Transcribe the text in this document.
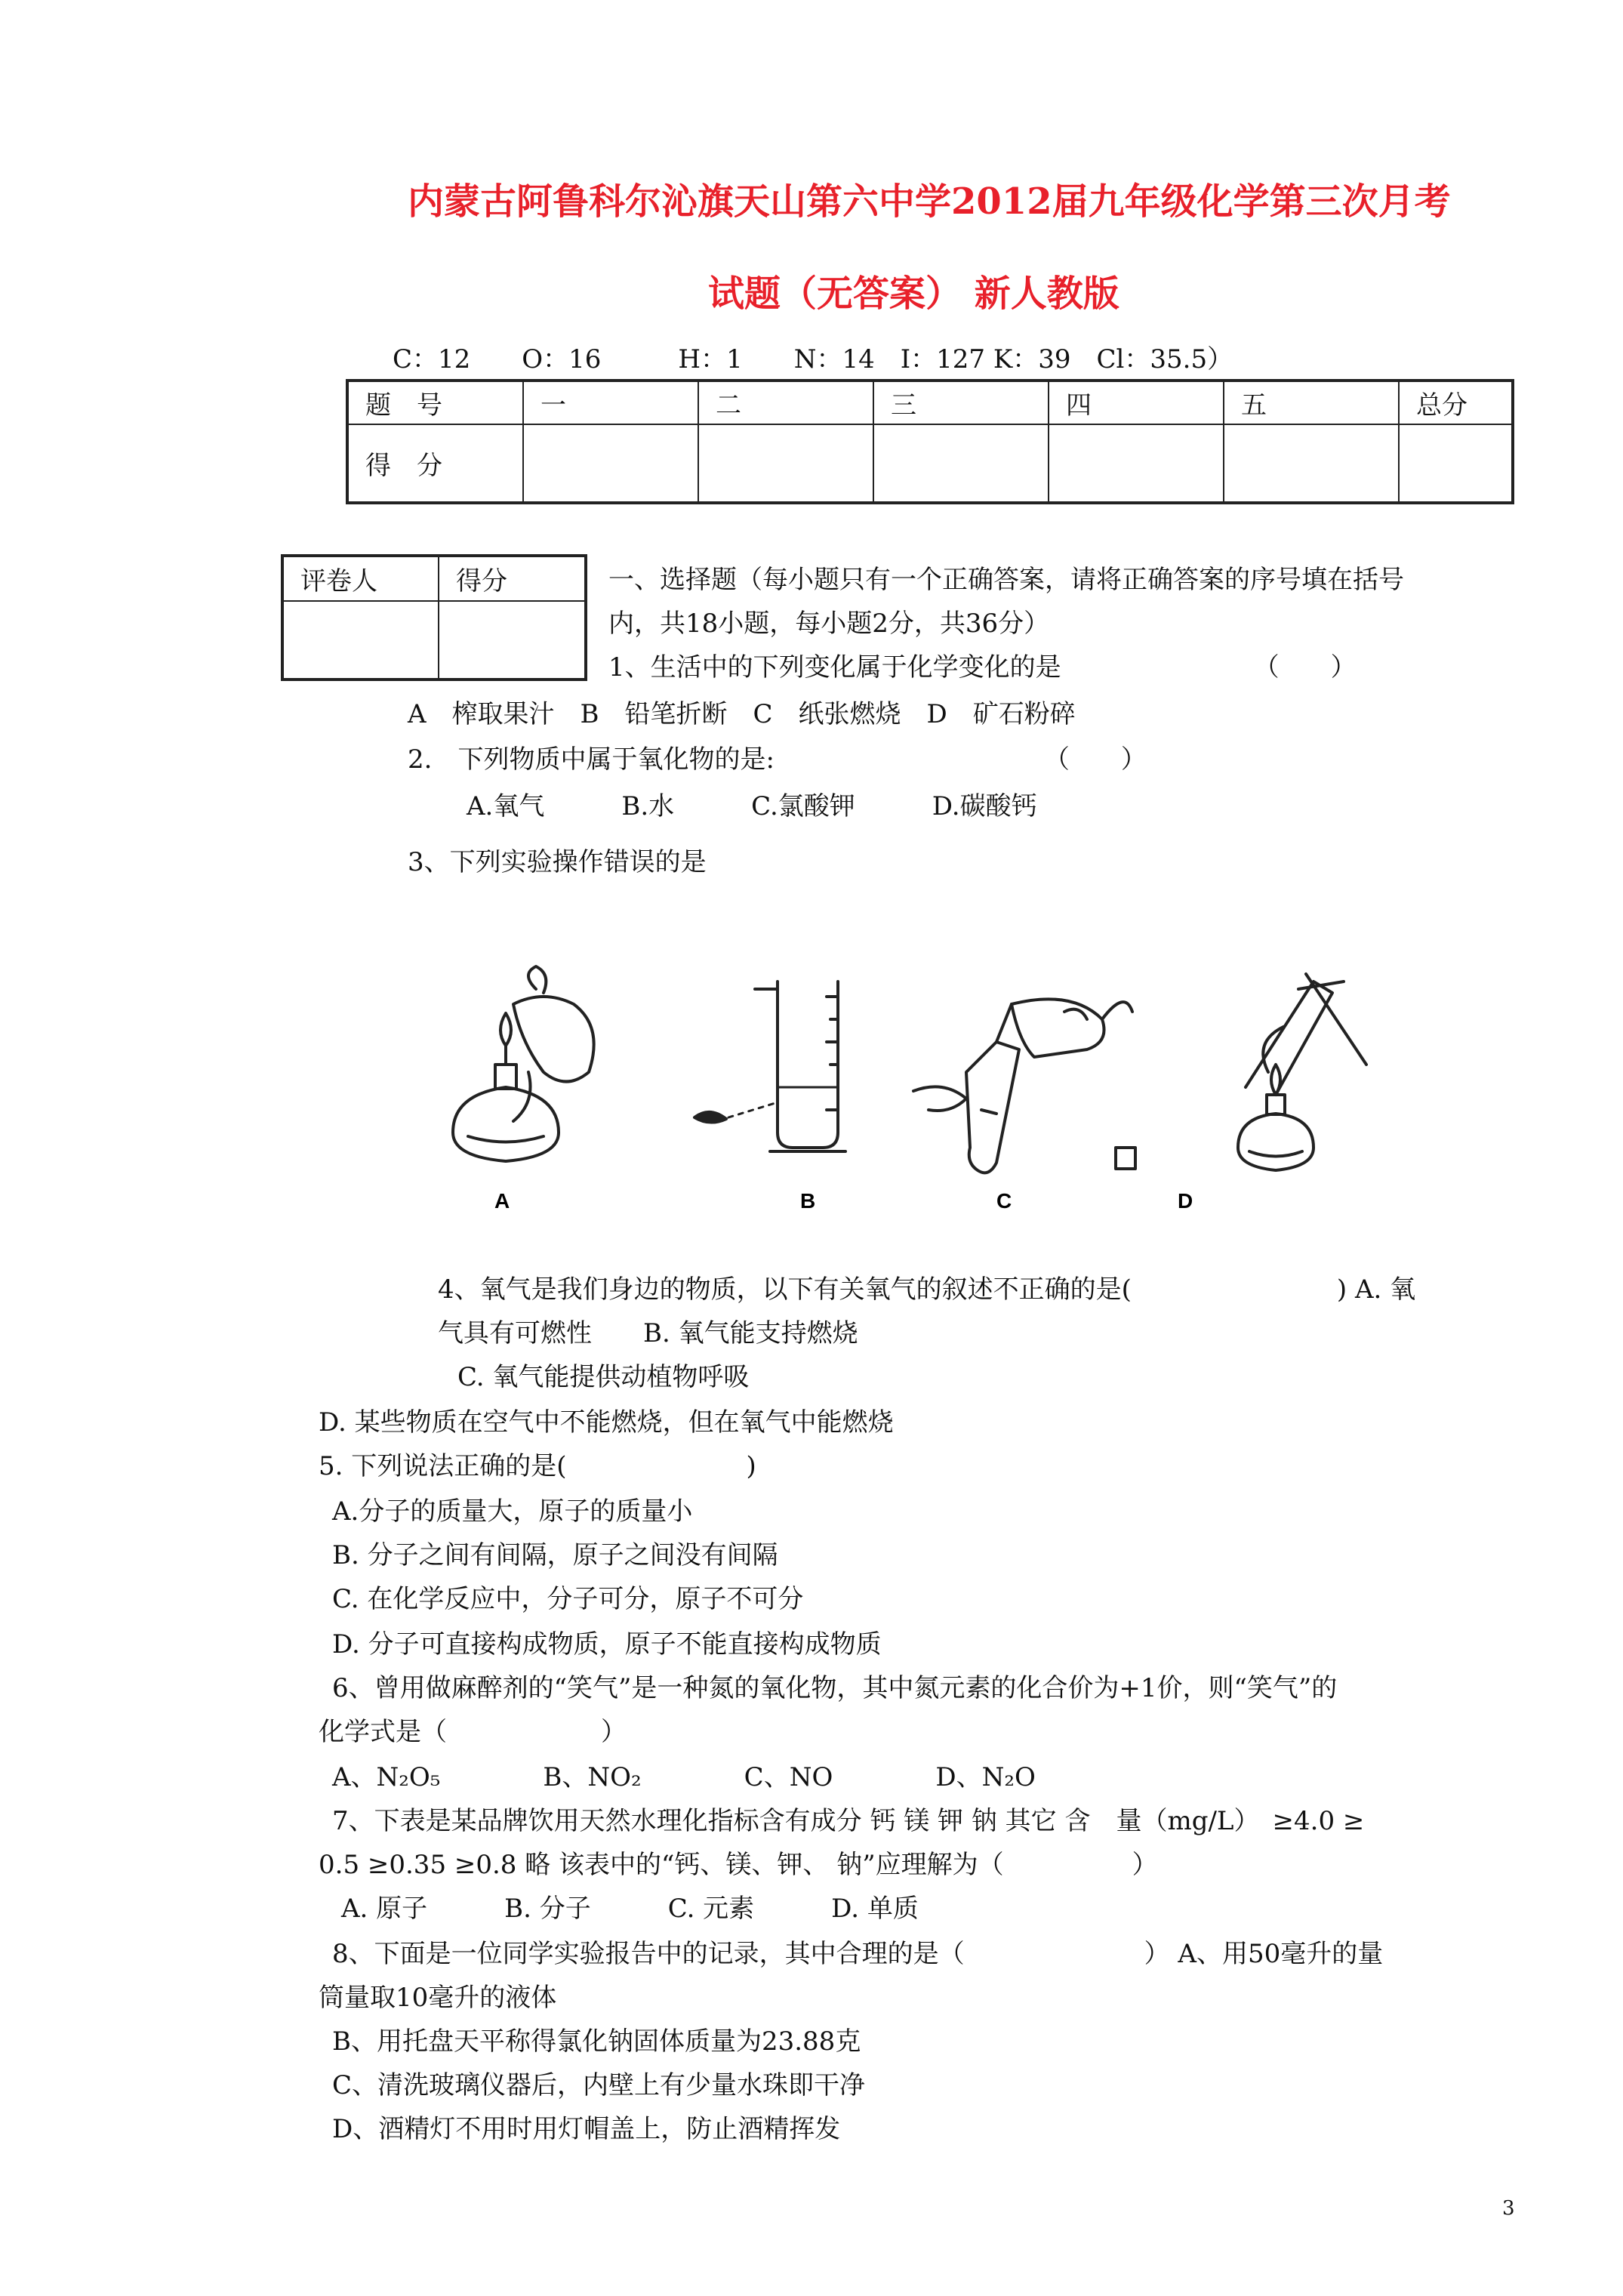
内蒙古阿鲁科尔沁旗天山第六中学2012届九年级化学第三次月考
试题（无答案） 新人教版
C：12　　O：16　　　H：1　　N：14　I：127 K：39　Cl：35.5）
题　号	一	二	三	四	五	总分
得　分						
评卷人	得分
		一、选择题（每小题只有一个正确答案，请将正确答案的序号填在括号
内，共18小题，每小题2分，共36分）
1、生活中的下列变化属于化学变化的是　　　　　　　　（　　）
A　榨取果汁　B　铅笔折断　C　纸张燃烧　D　矿石粉碎
2.　下列物质中属于氧化物的是:　　　　　　　　　　　（　　）
A.氧气　　　B.水　　　C.氯酸钾　　　D.碳酸钙
3、下列实验操作错误的是
A	B	C	D
4、氧气是我们身边的物质，以下有关氧气的叙述不正确的是(　　　　　　　　) A. 氧
气具有可燃性　　B. 氧气能支持燃烧
C. 氧气能提供动植物呼吸
D. 某些物质在空气中不能燃烧，但在氧气中能燃烧
5. 下列说法正确的是(　　　　　　　)
A.分子的质量大，原子的质量小
B. 分子之间有间隔，原子之间没有间隔
C. 在化学反应中，分子可分，原子不可分
D. 分子可直接构成物质，原子不能直接构成物质
6、曾用做麻醉剂的“笑气”是一种氮的氧化物，其中氮元素的化合价为+1价，则“笑气”的
化学式是（　　　　　　）
A、N₂O₅　　　　B、NO₂　　　　C、NO　　　　D、N₂O
7、下表是某品牌饮用天然水理化指标含有成分 钙 镁 钾 钠 其它 含　量（mg/L）　≥4.0 ≥
0.5 ≥0.35 ≥0.8 略 该表中的“钙、镁、钾、 钠”应理解为（　　　　　）
A. 原子　　　B. 分子　　　C. 元素　　　D. 单质
8、下面是一位同学实验报告中的记录，其中合理的是（　　　　　　　） A、用50毫升的量
筒量取10毫升的液体
B、用托盘天平称得氯化钠固体质量为23.88克
C、清洗玻璃仪器后，内壁上有少量水珠即干净
D、酒精灯不用时用灯帽盖上，防止酒精挥发
3
